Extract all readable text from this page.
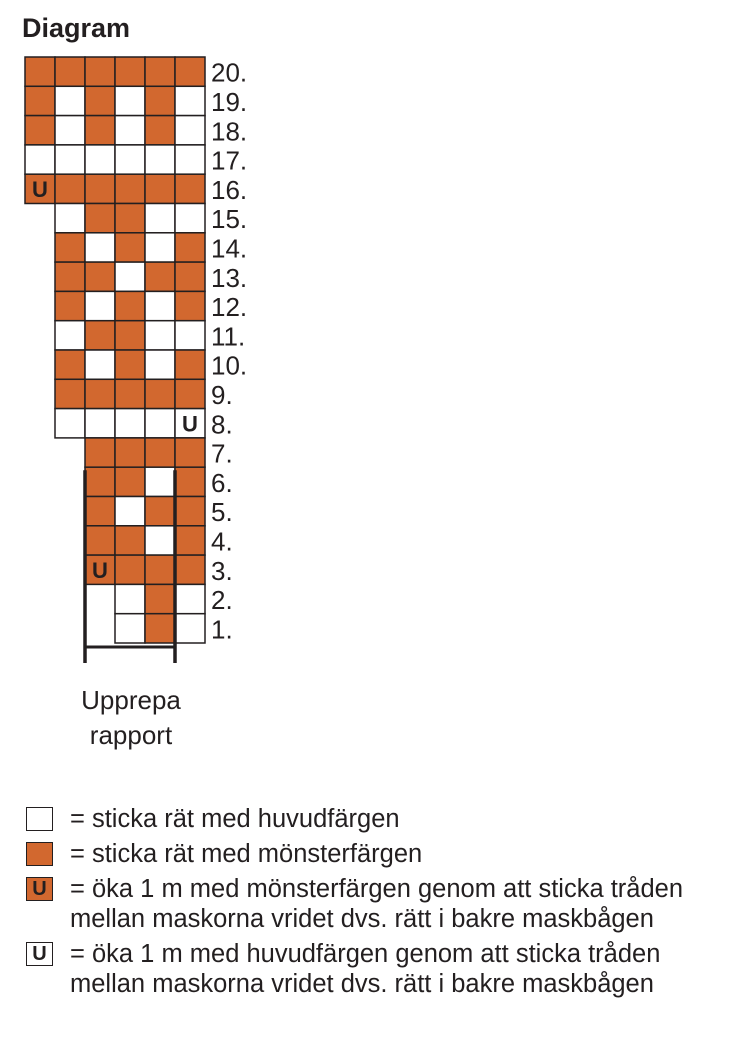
Diagram
U
U
U
20.
19.
18.
17.
16.
15.
14.
13.
12.
11.
10.
9.
8.
7.
6.
5.
4.
3.
2.
1.
Upprepa
rapport
= sticka rät med huvudfärgen
= sticka rät med mönsterfärgen
U = öka 1 m med mönsterfärgen genom att sticka tråden
mellan maskorna vridet dvs. rätt i bakre maskbågen
U = öka 1 m med huvudfärgen genom att sticka tråden
mellan maskorna vridet dvs. rätt i bakre maskbågen
